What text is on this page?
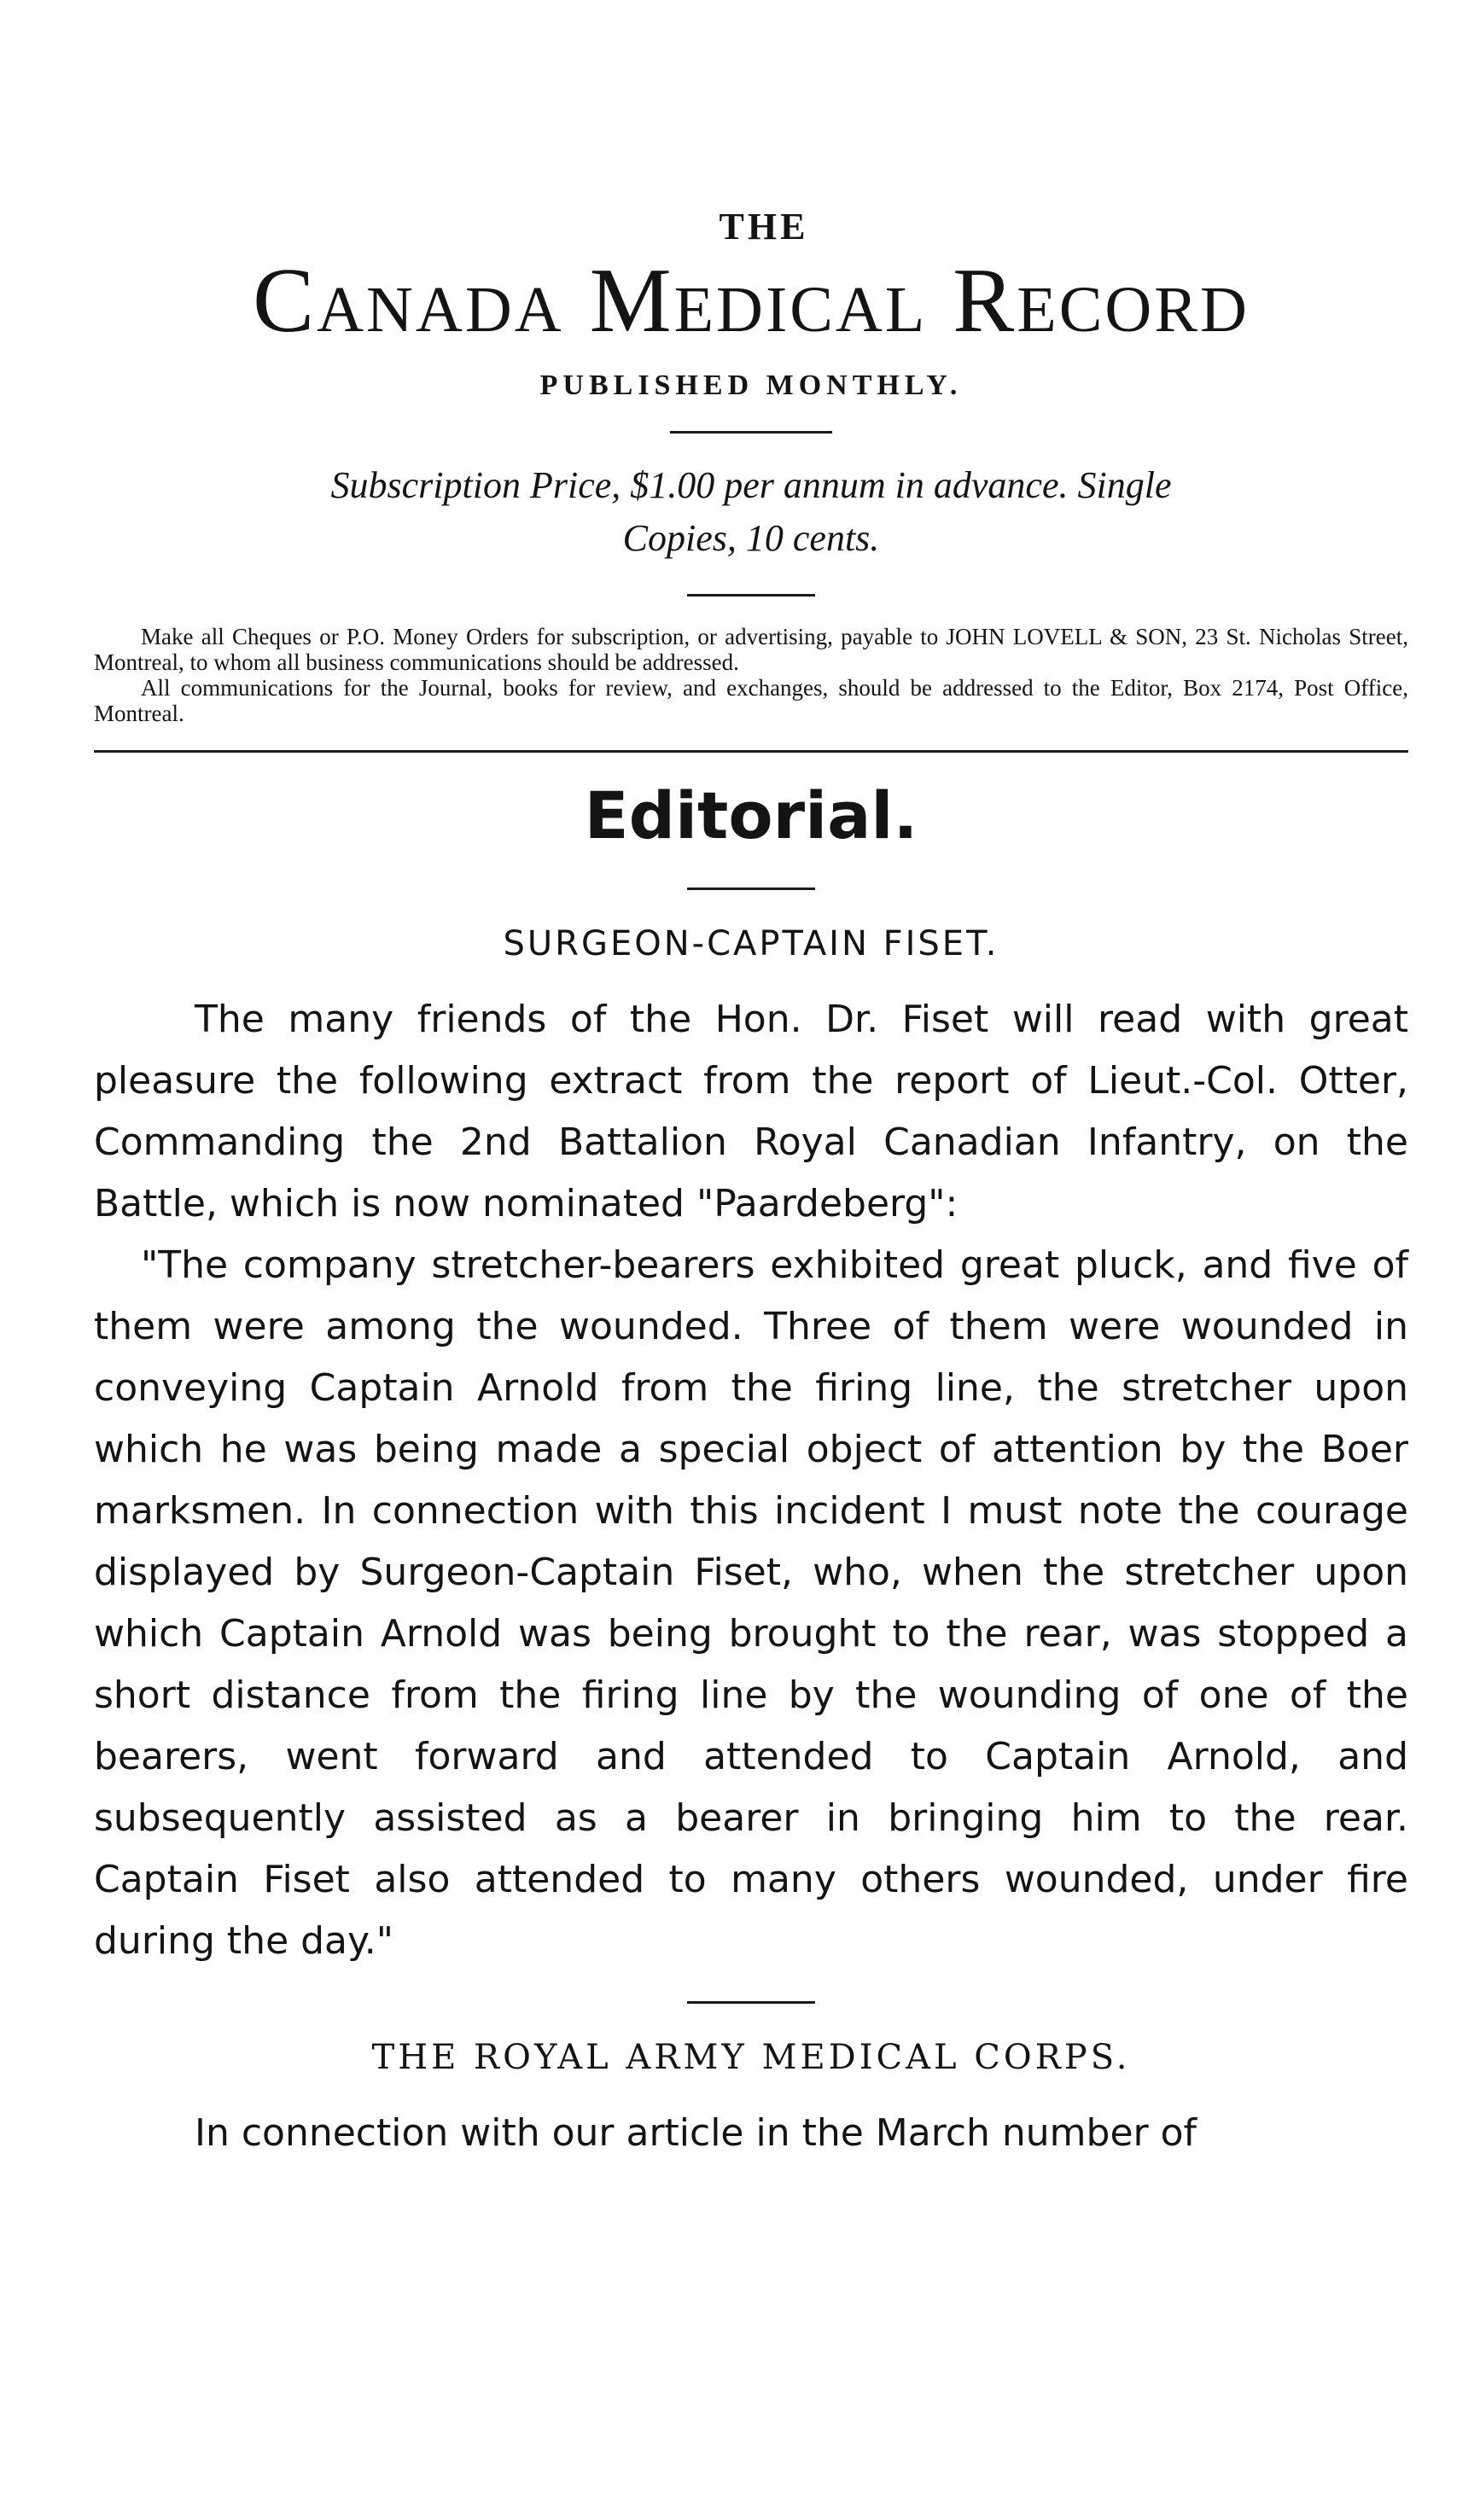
THE
Canada Medical Record
PUBLISHED MONTHLY.
Subscription Price, $1.00 per annum in advance. Single
Copies, 10 cents.

Make all Cheques or P.O. Money Orders for subscription, or advertising, payable to JOHN LOVELL & SON, 23 St. Nicholas Street, Montreal, to whom all business communications should be addressed.

All communications for the Journal, books for review, and exchanges, should be addressed to the Editor, Box 2174, Post Office, Montreal.

Editorial.
SURGEON-CAPTAIN FISET.

The many friends of the Hon. Dr. Fiset will read with great pleasure the following extract from the report of Lieut.-Col. Otter, Commanding the 2nd Battalion Royal Canadian Infantry, on the Battle, which is now nominated "Paardeberg":

"The company stretcher-bearers exhibited great pluck, and five of them were among the wounded. Three of them were wounded in conveying Captain Arnold from the firing line, the stretcher upon which he was being made a special object of attention by the Boer marksmen. In connection with this incident I must note the courage displayed by Surgeon-Captain Fiset, who, when the stretcher upon which Captain Arnold was being brought to the rear, was stopped a short distance from the firing line by the wounding of one of the bearers, went forward and attended to Captain Arnold, and subsequently assisted as a bearer in bringing him to the rear. Captain Fiset also attended to many others wounded, under fire during the day."

THE ROYAL ARMY MEDICAL CORPS.

In connection with our article in the March number of
